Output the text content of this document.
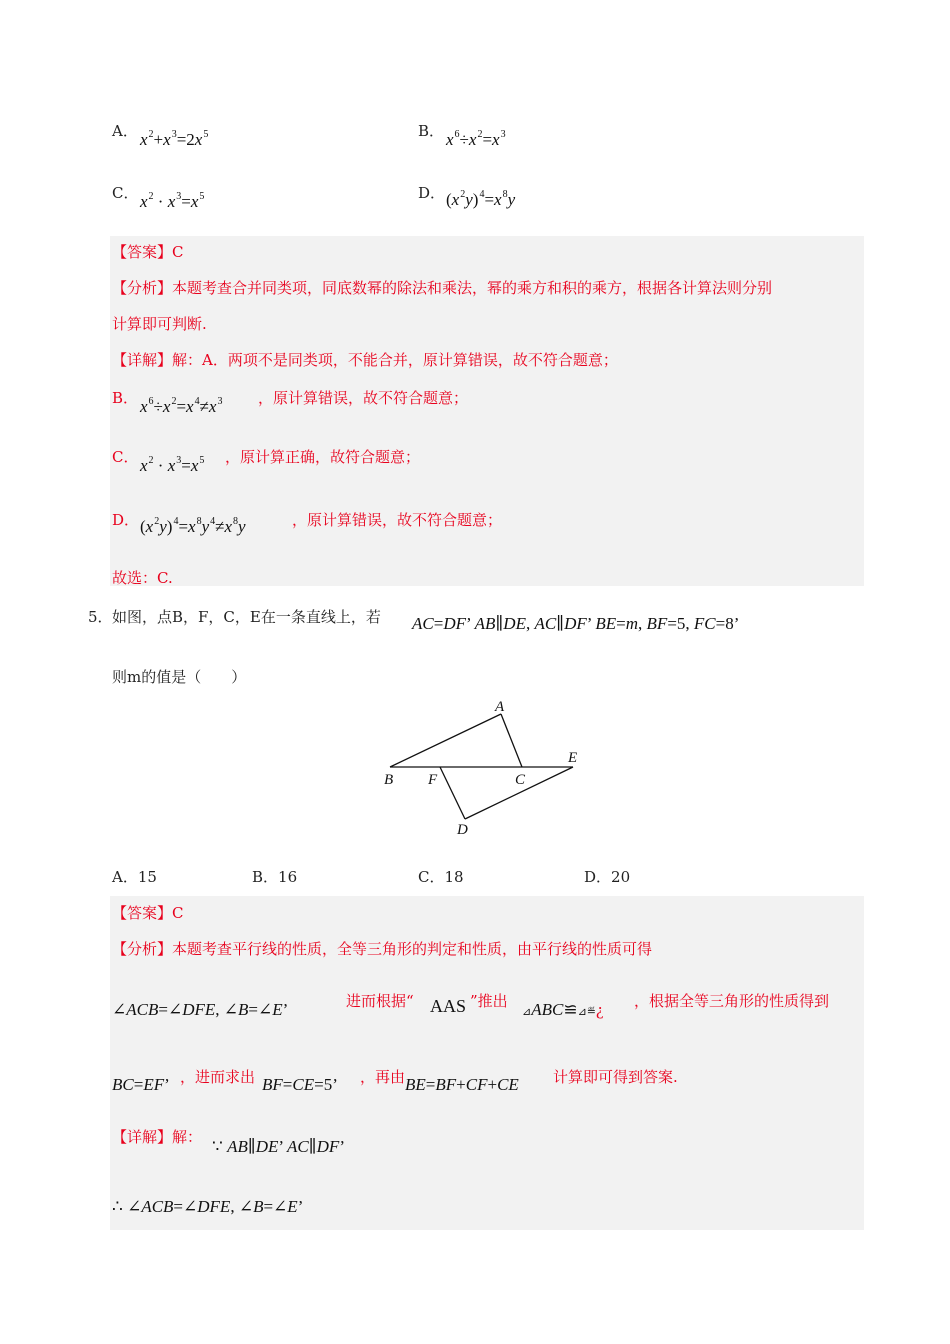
A． $x^2+x^3=2x^5$	B． $x^6\div x^2=x^3$
C． $x^2 \cdot x^3=x^5$	D． $(x^2y)^4=x^8y$
【答案】C
【分析】本题考查合并同类项，同底数幂的除法和乘法，幂的乘方和积的乘方，根据各计算法则分别
计算即可判断.
【详解】解：A．两项不是同类项，不能合并，原计算错误，故不符合题意；
B． $x^6\div x^2=x^4\ne x^3$ ，原计算错误，故不符合题意；
C． $x^2 \cdot x^3=x^5$ ，原计算正确，故符合题意；
D． $(x^2y)^4=x^8y^4\ne x^8y$	，原计算错误，故不符合题意；
故选：C.
5． 如图，点B，F，C，E在一条直线上，若 AC=DF’ AB∥DE, AC∥DF’ BE=m, BF=5, FC=8’
则m的值是（　　）
A
B F	C
E
D
A．15	B．16	C．18	D．20
【答案】C
【分析】本题考查平行线的性质，全等三角形的判定和性质，由平行线的性质可得
∠ACB=∠DFE, ∠B=∠E’	进而根据“ AAS ”推出
⊿ABC≌⊿≝¿ ，根据全等三角形的性质得到
BC=EF’ ，进而求出 BF=CE=5’ ，再由 BE=BF+CF+CE 计算即可得到答案.
【详解】解： ∵ AB∥DE’ AC∥DF’
∴ ∠ACB=∠DFE, ∠B=∠E’
